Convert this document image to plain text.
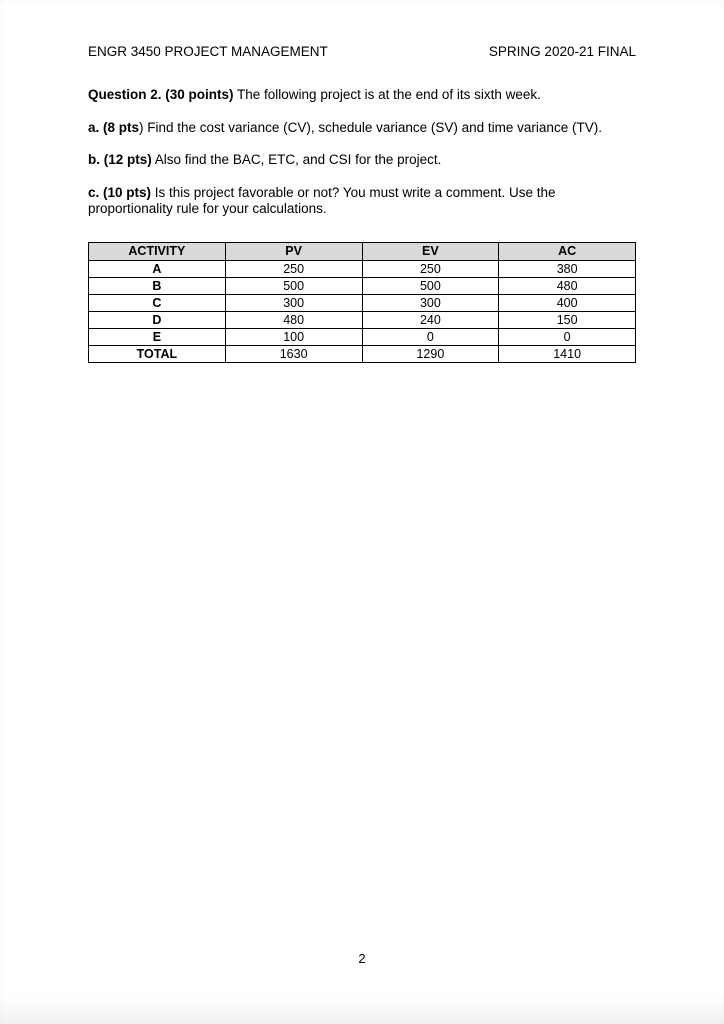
ENGR 3450 PROJECT MANAGEMENT	SPRING 2020-21 FINAL

Question 2. (30 points) The following project is at the end of its sixth week.

a. (8 pts) Find the cost variance (CV), schedule variance (SV) and time variance (TV).

b. (12 pts) Also find the BAC, ETC, and CSI for the project.

c. (10 pts) Is this project favorable or not? You must write a comment. Use the proportionality rule for your calculations.

ACTIVITY	PV	EV	AC
A	250	250	380
B	500	500	480
C	300	300	400
D	480	240	150
E	100	0	0
TOTAL	1630	1290	1410
2
